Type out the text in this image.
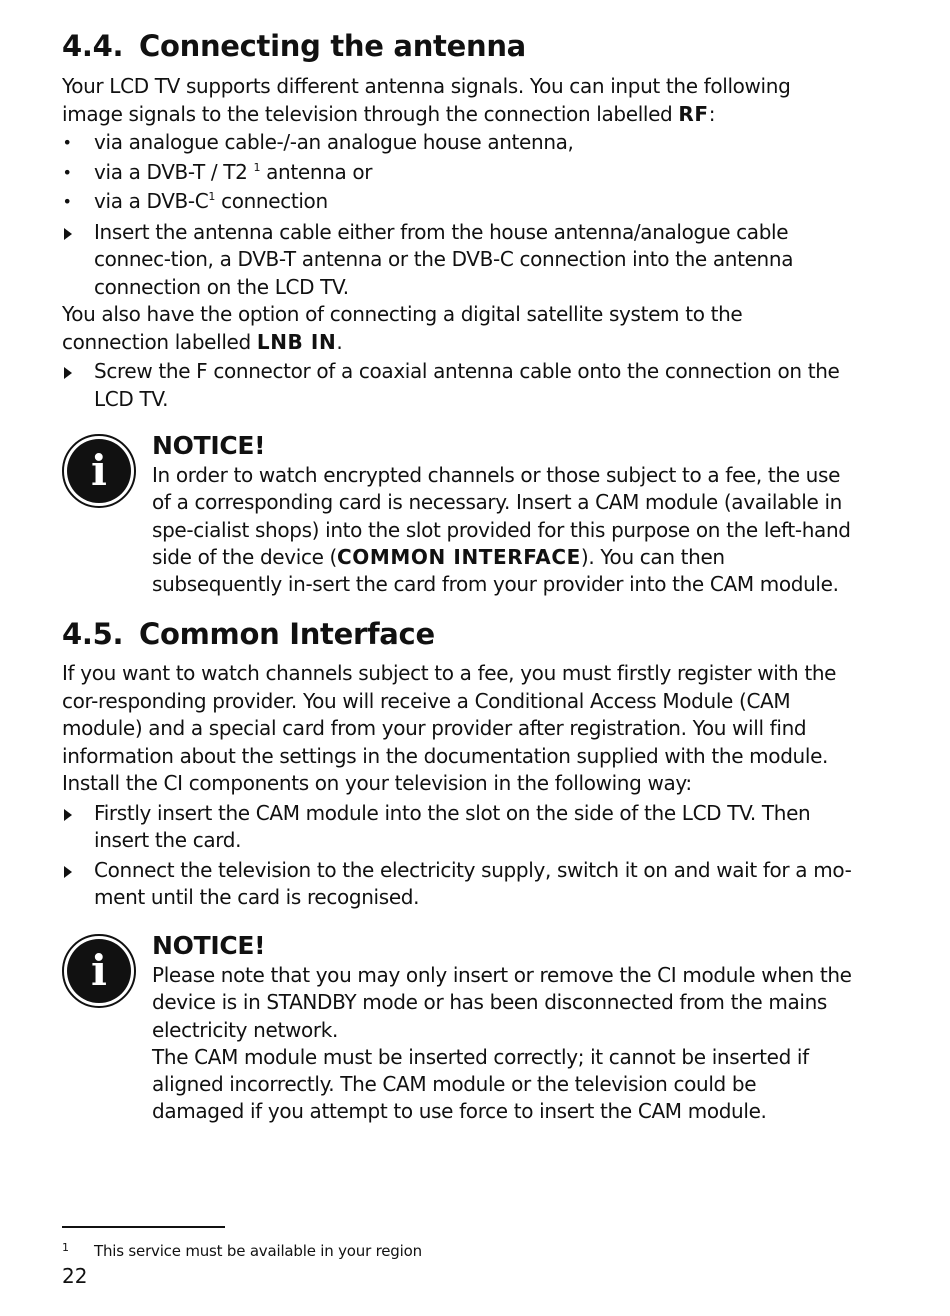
4.4. Connecting the antenna

Your LCD TV supports different antenna signals. You can input the following image signals to the television through the connection labelled RF:

• via analogue cable-/-an analogue house antenna,
• via a DVB-T / T2 $^1$ antenna or
• via a DVB-$C^1$ connection
Insert the antenna cable either from the house antenna/analogue cable connec-tion, a DVB-T antenna or the DVB-C connection into the antenna connection on the LCD TV.

You also have the option of connecting a digital satellite system to the connection labelled LNB IN.

Screw the F connector of a coaxial antenna cable onto the connection on the LCD TV.
i
NOTICE!

In order to watch encrypted channels or those subject to a fee, the use of a corresponding card is necessary. Insert a CAM module (available in spe-cialist shops) into the slot provided for this purpose on the left-hand side of the device (COMMON INTERFACE). You can then subsequently in-sert the card from your provider into the CAM module.

4.5. Common Interface

If you want to watch channels subject to a fee, you must firstly register with the cor-responding provider. You will receive a Conditional Access Module (CAM module) and a special card from your provider after registration. You will find information about the settings in the documentation supplied with the module.

Install the CI components on your television in the following way:

Firstly insert the CAM module into the slot on the side of the LCD TV. Then insert the card.
Connect the television to the electricity supply, switch it on and wait for a mo-ment until the card is recognised.
i
NOTICE!

Please note that you may only insert or remove the CI module when the device is in STANDBY mode or has been disconnected from the mains electricity network.

The CAM module must be inserted correctly; it cannot be inserted if aligned incorrectly. The CAM module or the television could be damaged if you attempt to use force to insert the CAM module.

1 This service must be available in your region
22
